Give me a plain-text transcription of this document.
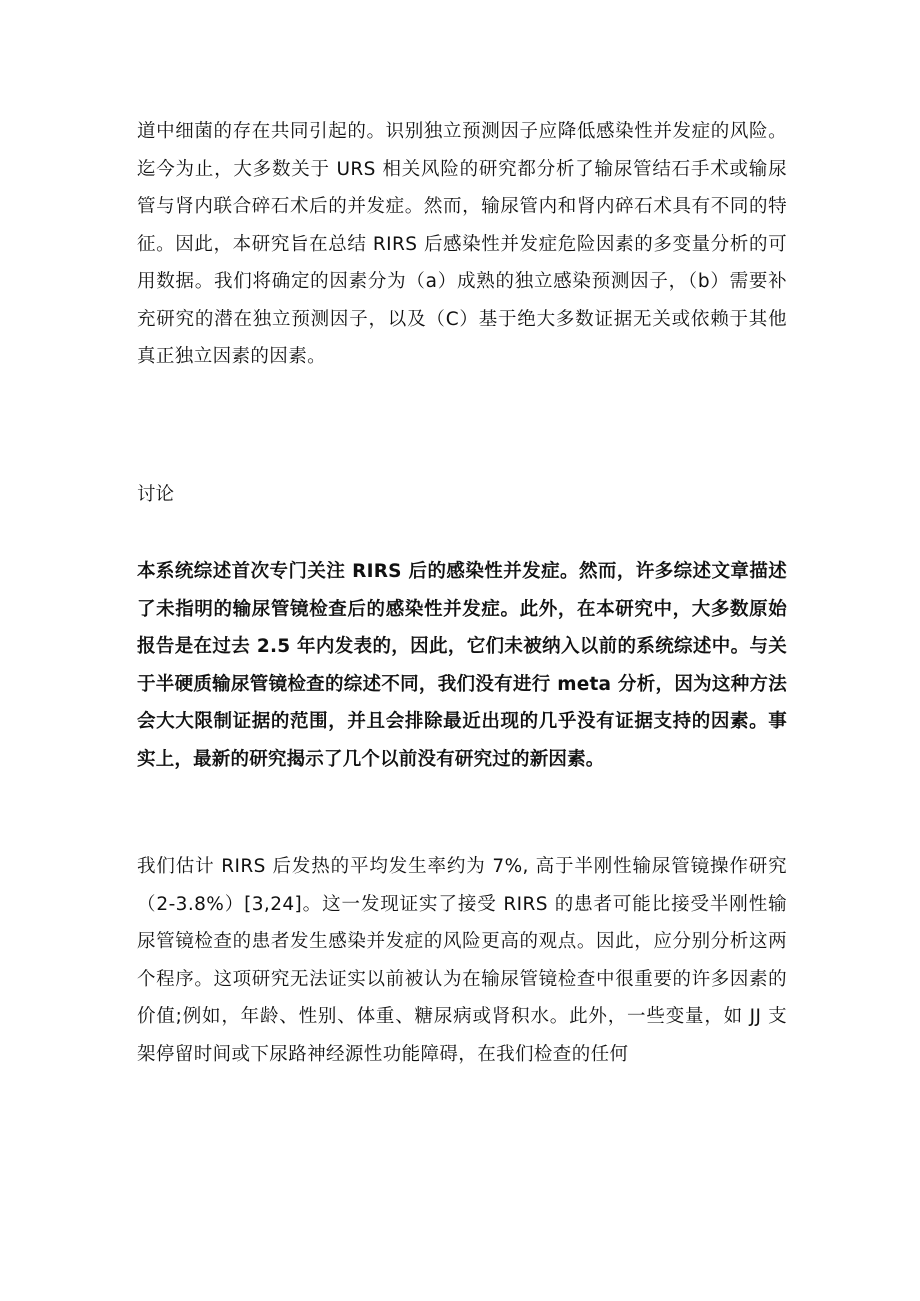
道中细菌的存在共同引起的。识别独立预测因子应降低感染性并发症的风险。迄今为止，大多数关于 URS 相关风险的研究都分析了输尿管结石手术或输尿管与肾内联合碎石术后的并发症。然而，输尿管内和肾内碎石术具有不同的特征。因此，本研究旨在总结 RIRS 后感染性并发症危险因素的多变量分析的可用数据。我们将确定的因素分为（a）成熟的独立感染预测因子，（b）需要补充研究的潜在独立预测因子，以及（C）基于绝大多数证据无关或依赖于其他真正独立因素的因素。

讨论

本系统综述首次专门关注 RIRS 后的感染性并发症。然而，许多综述文章描述了未指明的输尿管镜检查后的感染性并发症。此外，在本研究中，大多数原始报告是在过去 2.5 年内发表的，因此，它们未被纳入以前的系统综述中。与关于半硬质输尿管镜检查的综述不同，我们没有进行 meta 分析，因为这种方法会大大限制证据的范围，并且会排除最近出现的几乎没有证据支持的因素。事实上，最新的研究揭示了几个以前没有研究过的新因素。

我们估计 RIRS 后发热的平均发生率约为 7%, 高于半刚性输尿管镜操作研究（2-3.8%）[3,24]。这一发现证实了接受 RIRS 的患者可能比接受半刚性输尿管镜检查的患者发生感染并发症的风险更高的观点。因此，应分别分析这两个程序。这项研究无法证实以前被认为在输尿管镜检查中很重要的许多因素的价值;例如，年龄、性别、体重、糖尿病或肾积水。此外，一些变量，如 JJ 支架停留时间或下尿路神经源性功能障碍，在我们检查的任何
